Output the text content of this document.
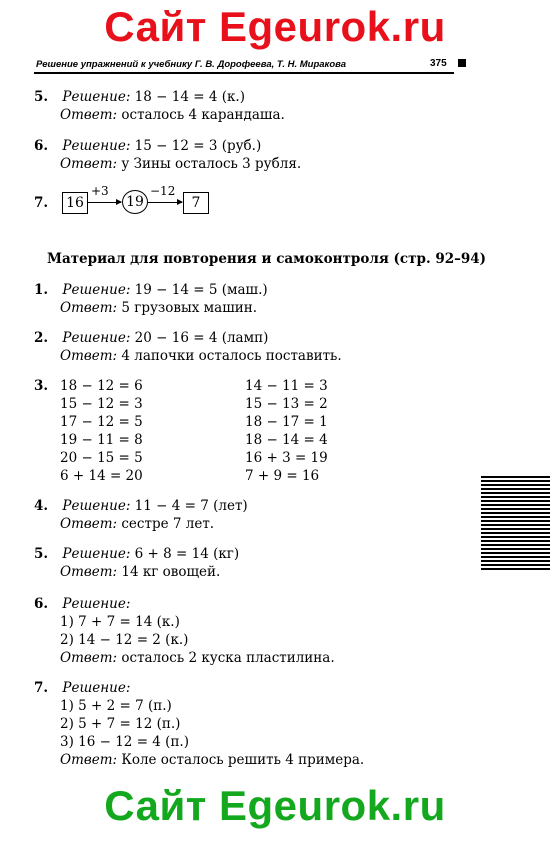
Сайт Egeurok.ru
Сайт Egeurok.ru
Решение упражнений к учебнику Г. В. Дорофеева, Т. Н. Миракова	375
5. Решение: 18 − 14 = 4 (к.)
Ответ: осталось 4 карандаша.
6. Решение: 15 − 12 = 3 (руб.)
Ответ: у Зины осталось 3 рубля.
7. 16
+3
19
−12
7
Материал для повторения и самоконтроля (стр. 92–94)
1. Решение: 19 − 14 = 5 (маш.)
Ответ: 5 грузовых машин.
2. Решение: 20 − 16 = 4 (ламп)
Ответ: 4 лапочки осталось поставить.
3. 18 − 12 = 6
15 − 12 = 3
17 − 12 = 5
19 − 11 = 8
20 − 15 = 5
6 + 14 = 20
14 − 11 = 3
15 − 13 = 2
18 − 17 = 1
18 − 14 = 4
16 + 3 = 19
7 + 9 = 16
4. Решение: 11 − 4 = 7 (лет)
Ответ: сестре 7 лет.
5. Решение: 6 + 8 = 14 (кг)
Ответ: 14 кг овощей.
6. Решение:
1) 7 + 7 = 14 (к.)
2) 14 − 12 = 2 (к.)
Ответ: осталось 2 куска пластилина.
7. Решение:
1) 5 + 2 = 7 (п.)
2) 5 + 7 = 12 (п.)
3) 16 − 12 = 4 (п.)
Ответ: Коле осталось решить 4 примера.
